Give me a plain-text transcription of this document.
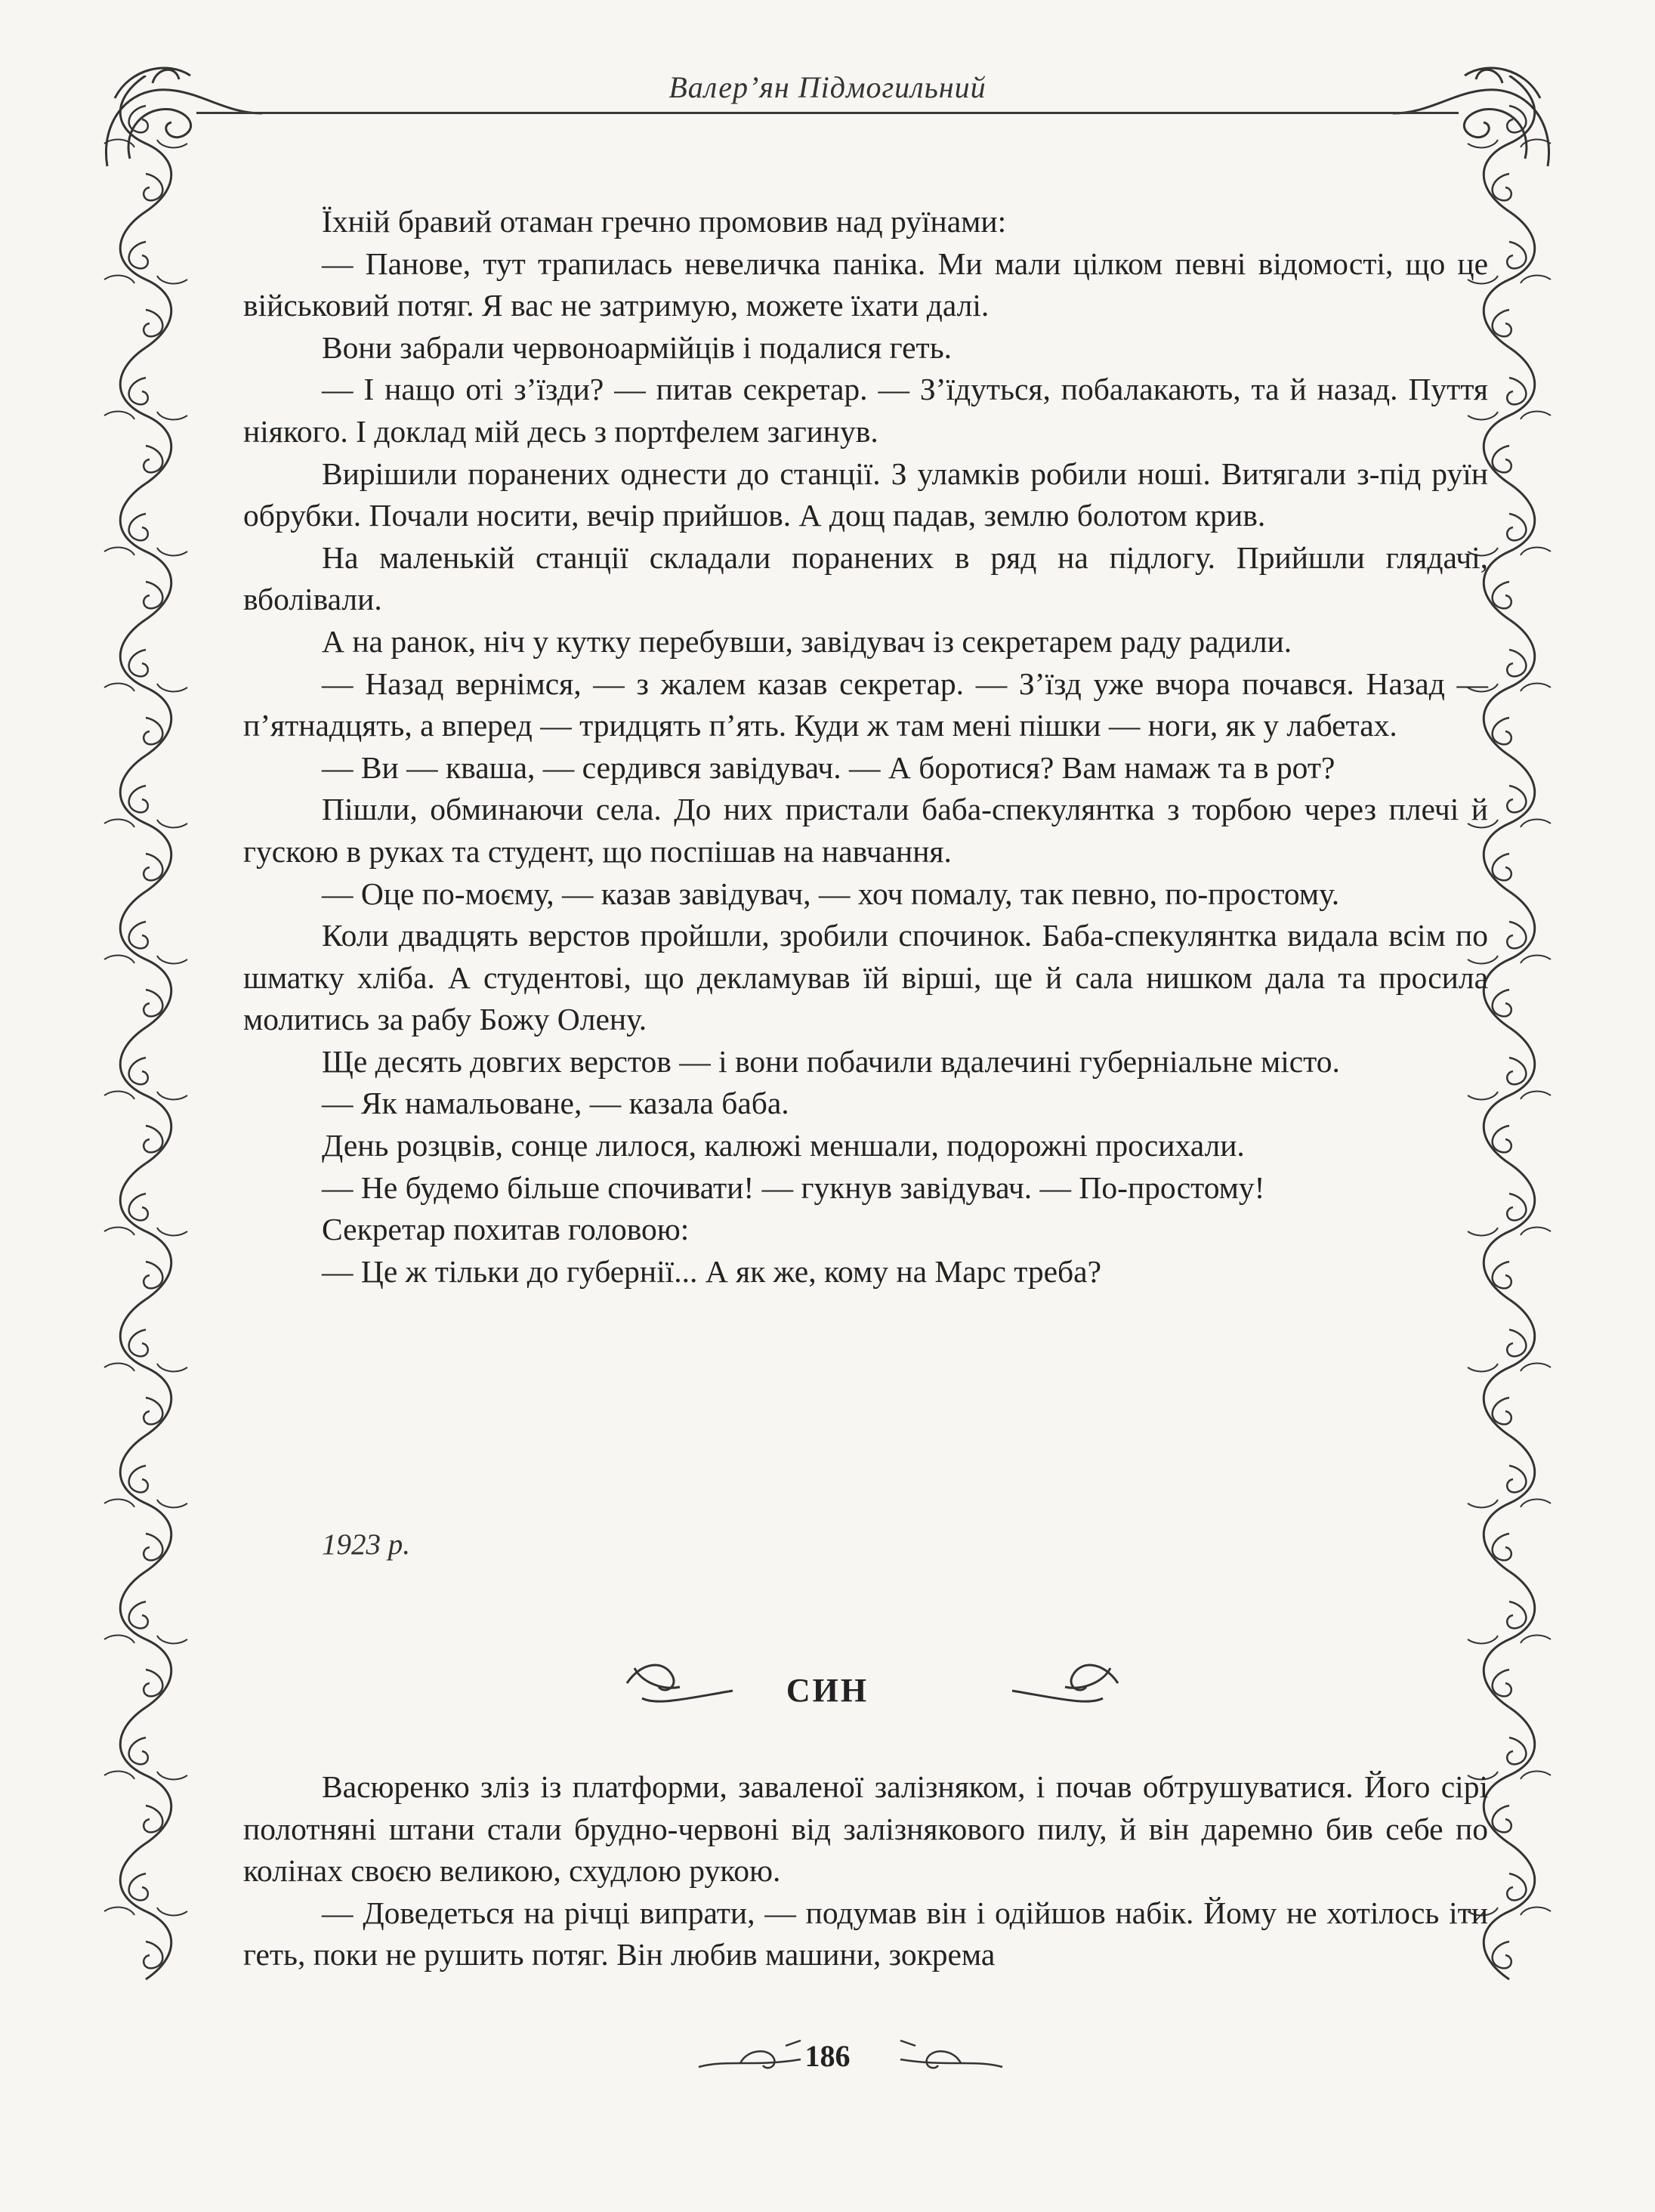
Валер’ян Підмогильний

Їхній бравий отаман гречно промовив над руїнами:

— Панове, тут трапилась невеличка паніка. Ми мали цілком певні відомості, що це військовий потяг. Я вас не затримую, можете їхати далі.

Вони забрали червоноармійців і подалися геть.

— І нащо оті з’їзди? — питав секретар. — З’їдуться, побалакають, та й назад. Пуття ніякого. І доклад мій десь з портфелем загинув.

Вирішили поранених однести до станції. З уламків робили ноші. Витягали з-під руїн обрубки. Почали носити, вечір прийшов. А дощ падав, землю болотом крив.

На маленькій станції складали поранених в ряд на підлогу. Прийшли глядачі, вболівали.

А на ранок, ніч у кутку перебувши, завідувач із секретарем раду радили.

— Назад вернімся, — з жалем казав секретар. — З’їзд уже вчора почався. Назад — п’ятнадцять, а вперед — тридцять п’ять. Куди ж там мені пішки — ноги, як у лабетах.

— Ви — кваша, — сердився завідувач. — А боротися? Вам намаж та в рот?

Пішли, обминаючи села. До них пристали баба-спекулянтка з торбою через плечі й гускою в руках та студент, що поспішав на навчання.

— Оце по-моєму, — казав завідувач, — хоч помалу, так певно, по-простому.

Коли двадцять верстов пройшли, зробили спочинок. Баба-спекулянтка видала всім по шматку хліба. А студентові, що декламував їй вірші, ще й сала нишком дала та просила молитись за рабу Божу Олену.

Ще десять довгих верстов — і вони побачили вдалечині губерніальне місто.

— Як намальоване, — казала баба.

День розцвів, сонце лилося, калюжі меншали, подорожні просихали.

— Не будемо більше спочивати! — гукнув завідувач. — По-простому!

Секретар похитав головою:

— Це ж тільки до губернії... А як же, кому на Марс треба?

1923 р.
СИН

Васюренко зліз із платформи, заваленої залізняком, і почав обтрушуватися. Його сірі полотняні штани стали брудно-червоні від залізнякового пилу, й він даремно бив себе по колінах своєю великою, схудлою рукою.

— Доведеться на річці випрати, — подумав він і одійшов набік. Йому не хотілось іти геть, поки не рушить потяг. Він любив машини, зокрема

186
